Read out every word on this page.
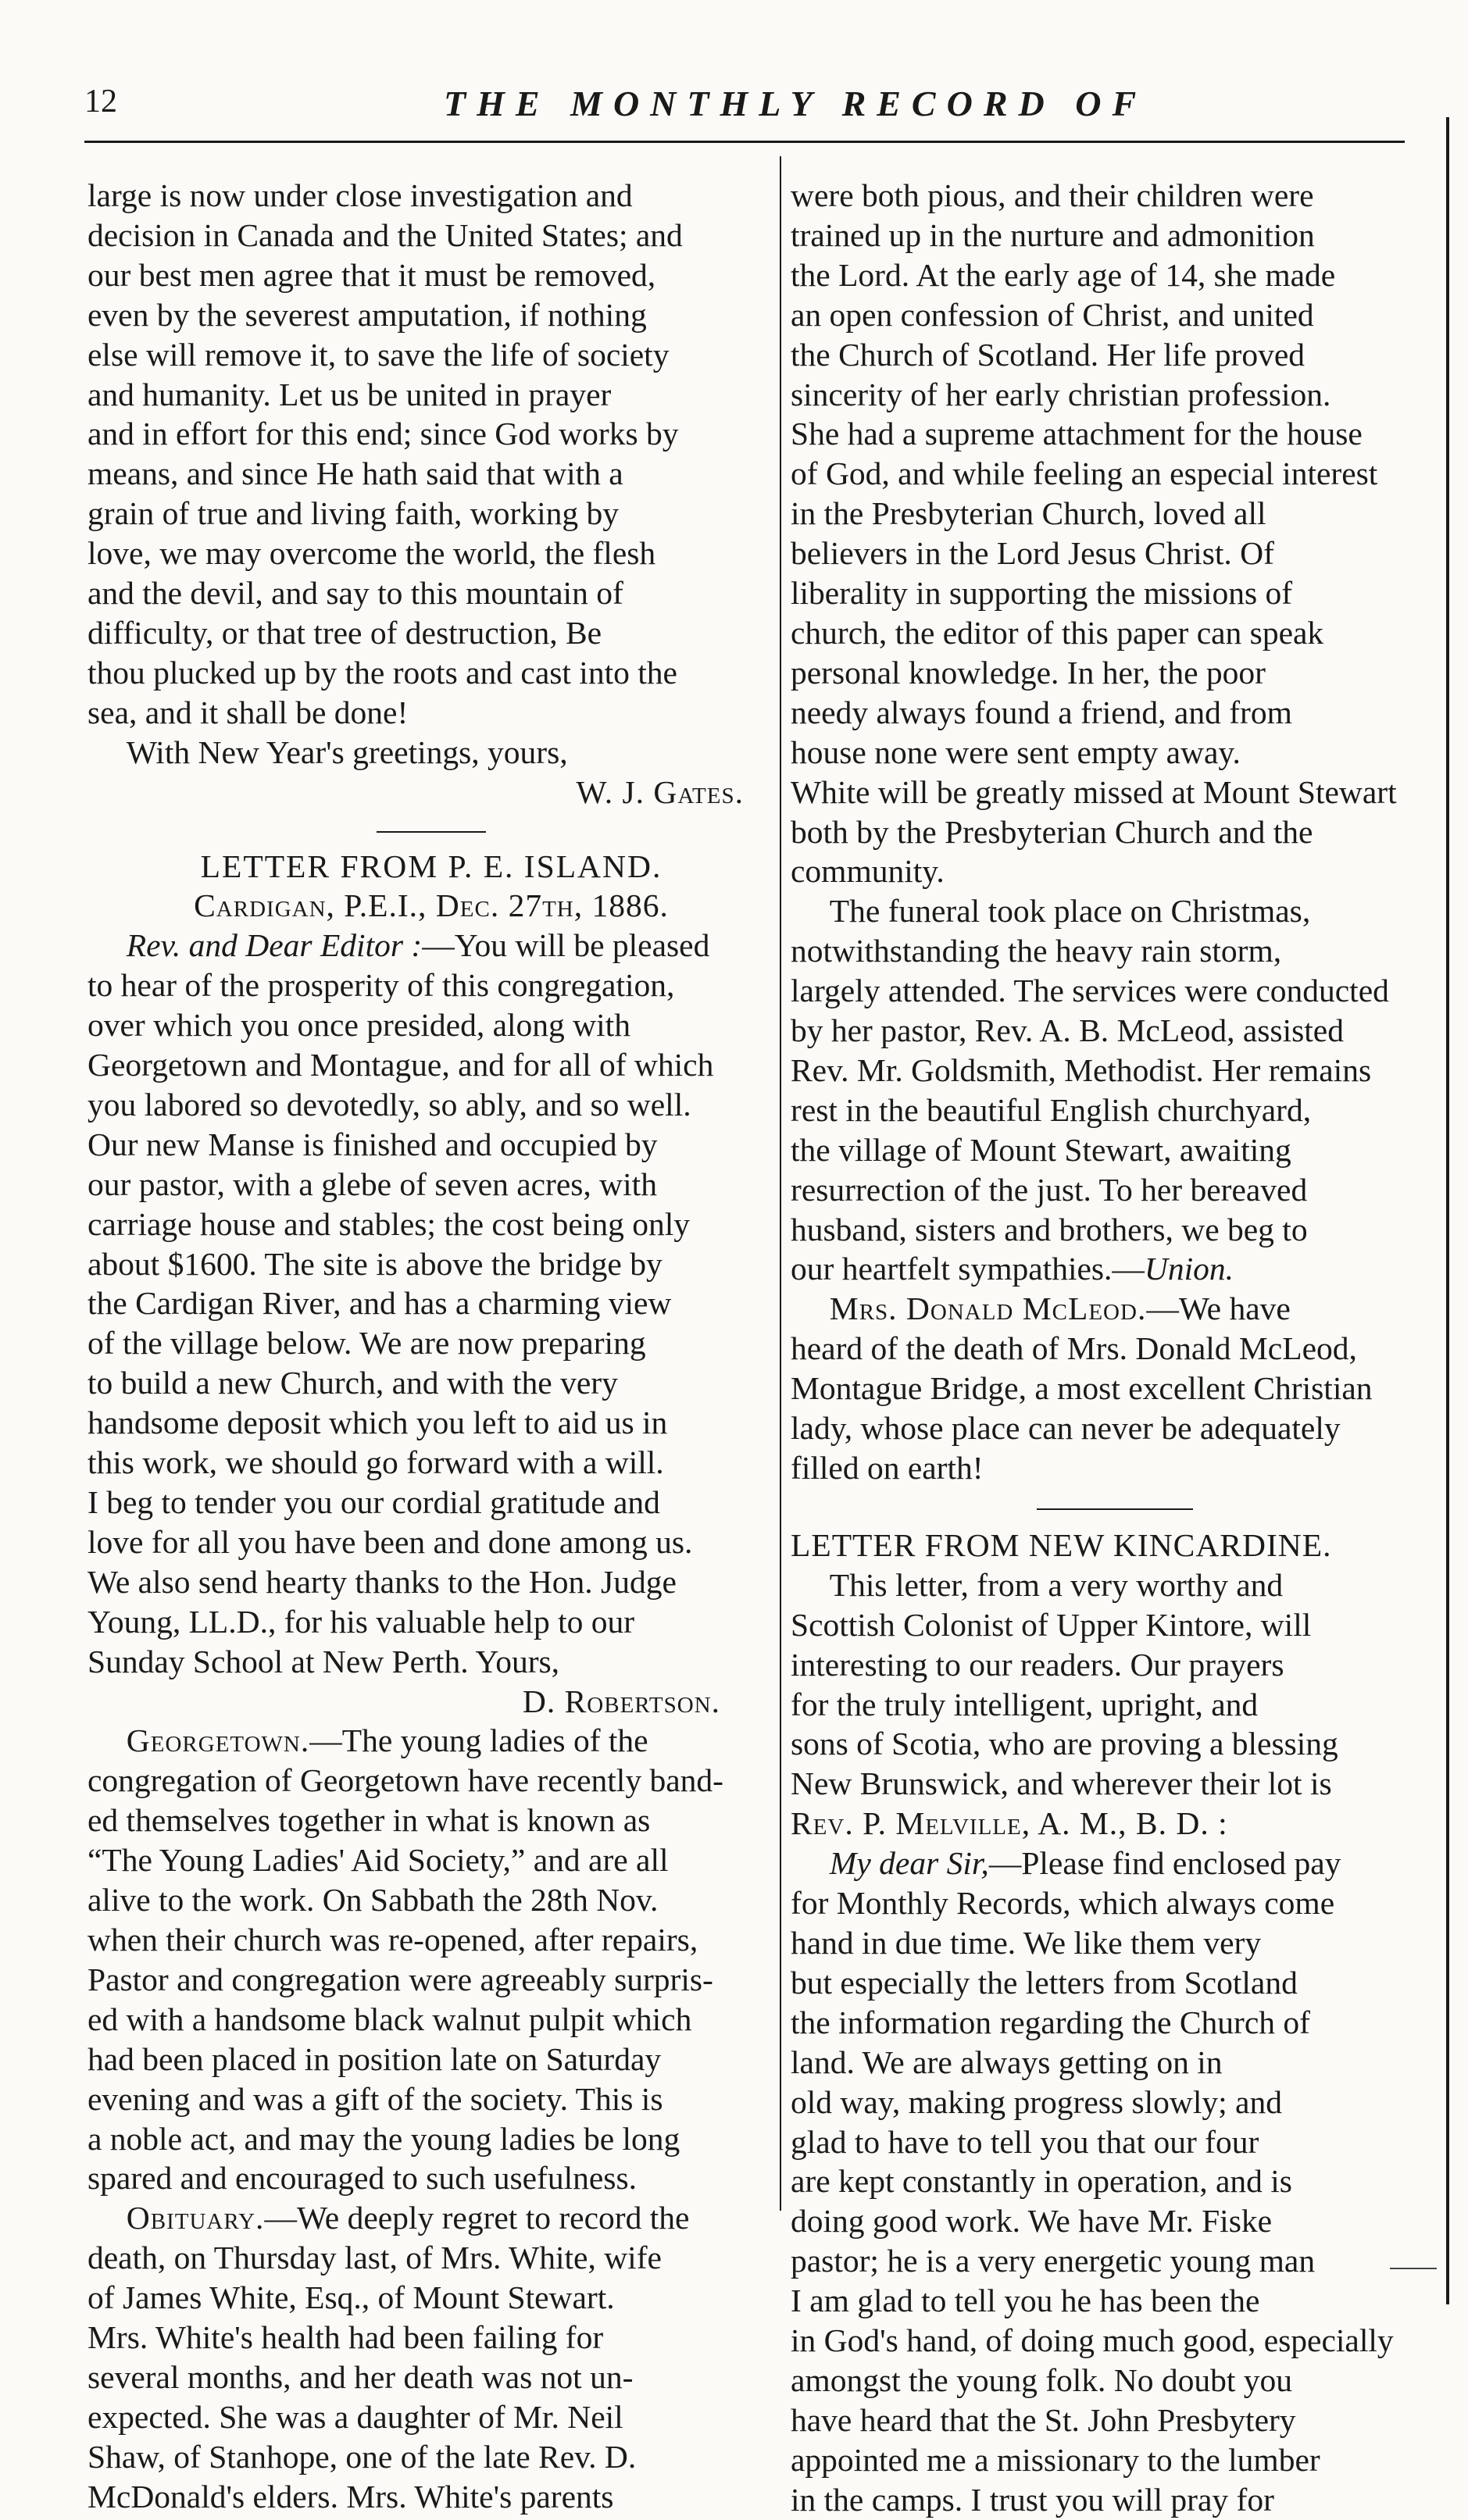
12	THE MONTHLY RECORD OF

large is now under close investigation and

decision in Canada and the United States; and

our best men agree that it must be removed,

even by the severest amputation, if nothing

else will remove it, to save the life of society

and humanity. Let us be united in prayer

and in effort for this end; since God works by

means, and since He hath said that with a

grain of true and living faith, working by

love, we may overcome the world, the flesh

and the devil, and say to this mountain of

difficulty, or that tree of destruction, Be

thou plucked up by the roots and cast into the

sea, and it shall be done!

With New Year's greetings, yours,

W. J. Gates.

LETTER FROM P. E. ISLAND.

Cardigan, P.E.I., Dec. 27th, 1886.

Rev. and Dear Editor :—You will be pleased

to hear of the prosperity of this congregation,

over which you once presided, along with

Georgetown and Montague, and for all of which

you labored so devotedly, so ably, and so well.

Our new Manse is finished and occupied by

our pastor, with a glebe of seven acres, with

carriage house and stables; the cost being only

about $1600. The site is above the bridge by

the Cardigan River, and has a charming view

of the village below. We are now preparing

to build a new Church, and with the very

handsome deposit which you left to aid us in

this work, we should go forward with a will.

I beg to tender you our cordial gratitude and

love for all you have been and done among us.

We also send hearty thanks to the Hon. Judge

Young, LL.D., for his valuable help to our

Sunday School at New Perth. Yours,

D. Robertson.

Georgetown.—The young ladies of the

congregation of Georgetown have recently band-

ed themselves together in what is known as

“The Young Ladies' Aid Society,” and are all

alive to the work. On Sabbath the 28th Nov.

when their church was re-opened, after repairs,

Pastor and congregation were agreeably surpris-

ed with a handsome black walnut pulpit which

had been placed in position late on Saturday

evening and was a gift of the society. This is

a noble act, and may the young ladies be long

spared and encouraged to such usefulness.

Obituary.—We deeply regret to record the

death, on Thursday last, of Mrs. White, wife

of James White, Esq., of Mount Stewart.

Mrs. White's health had been failing for

several months, and her death was not un-

expected. She was a daughter of Mr. Neil

Shaw, of Stanhope, one of the late Rev. D.

McDonald's elders. Mrs. White's parents

were both pious, and their children were

trained up in the nurture and admonition

the Lord. At the early age of 14, she made

an open confession of Christ, and united

the Church of Scotland. Her life proved

sincerity of her early christian profession.

She had a supreme attachment for the house

of God, and while feeling an especial interest

in the Presbyterian Church, loved all

believers in the Lord Jesus Christ. Of

liberality in supporting the missions of

church, the editor of this paper can speak

personal knowledge. In her, the poor

needy always found a friend, and from

house none were sent empty away.

White will be greatly missed at Mount Stewart

both by the Presbyterian Church and the

community.

The funeral took place on Christmas,

notwithstanding the heavy rain storm,

largely attended. The services were conducted

by her pastor, Rev. A. B. McLeod, assisted

Rev. Mr. Goldsmith, Methodist. Her remains

rest in the beautiful English churchyard,

the village of Mount Stewart, awaiting

resurrection of the just. To her bereaved

husband, sisters and brothers, we beg to

our heartfelt sympathies.—Union.

Mrs. Donald McLeod.—We have

heard of the death of Mrs. Donald McLeod,

Montague Bridge, a most excellent Christian

lady, whose place can never be adequately

filled on earth!

LETTER FROM NEW KINCARDINE.

This letter, from a very worthy and

Scottish Colonist of Upper Kintore, will

interesting to our readers. Our prayers

for the truly intelligent, upright, and

sons of Scotia, who are proving a blessing

New Brunswick, and wherever their lot is

Rev. P. Melville, A. M., B. D. :

My dear Sir,—Please find enclosed pay

for Monthly Records, which always come

hand in due time. We like them very

but especially the letters from Scotland

the information regarding the Church of

land. We are always getting on in

old way, making progress slowly; and

glad to have to tell you that our four

are kept constantly in operation, and is

doing good work. We have Mr. Fiske

pastor; he is a very energetic young man

I am glad to tell you he has been the

in God's hand, of doing much good, especially

amongst the young folk. No doubt you

have heard that the St. John Presbytery

appointed me a missionary to the lumber

in the camps. I trust you will pray for
